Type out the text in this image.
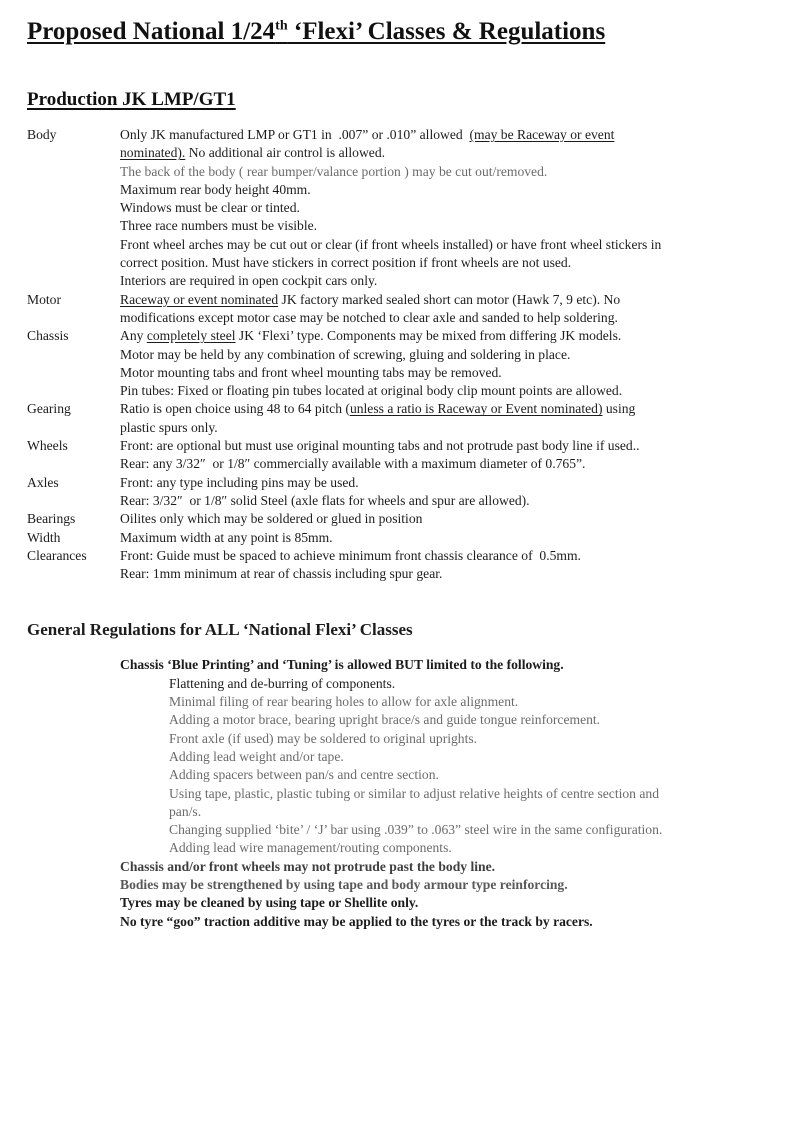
Proposed National 1/24th ‘Flexi’ Classes & Regulations
Production JK LMP/GT1
Body	Only JK manufactured LMP or GT1 in  .007” or .010” allowed  (may be Raceway or event
nominated). No additional air control is allowed.
The back of the body ( rear bumper/valance portion ) may be cut out/removed.
Maximum rear body height 40mm.
Windows must be clear or tinted.
Three race numbers must be visible.
Front wheel arches may be cut out or clear (if front wheels installed) or have front wheel stickers in
correct position. Must have stickers in correct position if front wheels are not used.
Interiors are required in open cockpit cars only.
Motor	Raceway or event nominated JK factory marked sealed short can motor (Hawk 7, 9 etc). No
modifications except motor case may be notched to clear axle and sanded to help soldering.
Chassis	Any completely steel JK ‘Flexi’ type. Components may be mixed from differing JK models.
Motor may be held by any combination of screwing, gluing and soldering in place.
Motor mounting tabs and front wheel mounting tabs may be removed.
Pin tubes: Fixed or floating pin tubes located at original body clip mount points are allowed.
Gearing	Ratio is open choice using 48 to 64 pitch (unless a ratio is Raceway or Event nominated) using
plastic spurs only.
Wheels	Front: are optional but must use original mounting tabs and not protrude past body line if used..
Rear: any 3/32″  or 1/8″ commercially available with a maximum diameter of 0.765”.
Axles	Front: any type including pins may be used.
Rear: 3/32″  or 1/8″ solid Steel (axle flats for wheels and spur are allowed).
Bearings	Oilites only which may be soldered or glued in position
Width	Maximum width at any point is 85mm.
Clearances	Front: Guide must be spaced to achieve minimum front chassis clearance of  0.5mm.
Rear: 1mm minimum at rear of chassis including spur gear.
General Regulations for ALL ‘National Flexi’ Classes
Chassis ‘Blue Printing’ and ‘Tuning’ is allowed BUT limited to the following.
Flattening and de-burring of components.
Minimal filing of rear bearing holes to allow for axle alignment.
Adding a motor brace, bearing upright brace/s and guide tongue reinforcement.
Front axle (if used) may be soldered to original uprights.
Adding lead weight and/or tape.
Adding spacers between pan/s and centre section.
Using tape, plastic, plastic tubing or similar to adjust relative heights of centre section and
pan/s.
Changing supplied ‘bite’ / ‘J’ bar using .039” to .063” steel wire in the same configuration.
Adding lead wire management/routing components.
Chassis and/or front wheels may not protrude past the body line.
Bodies may be strengthened by using tape and body armour type reinforcing.
Tyres may be cleaned by using tape or Shellite only.
No tyre “goo” traction additive may be applied to the tyres or the track by racers.
